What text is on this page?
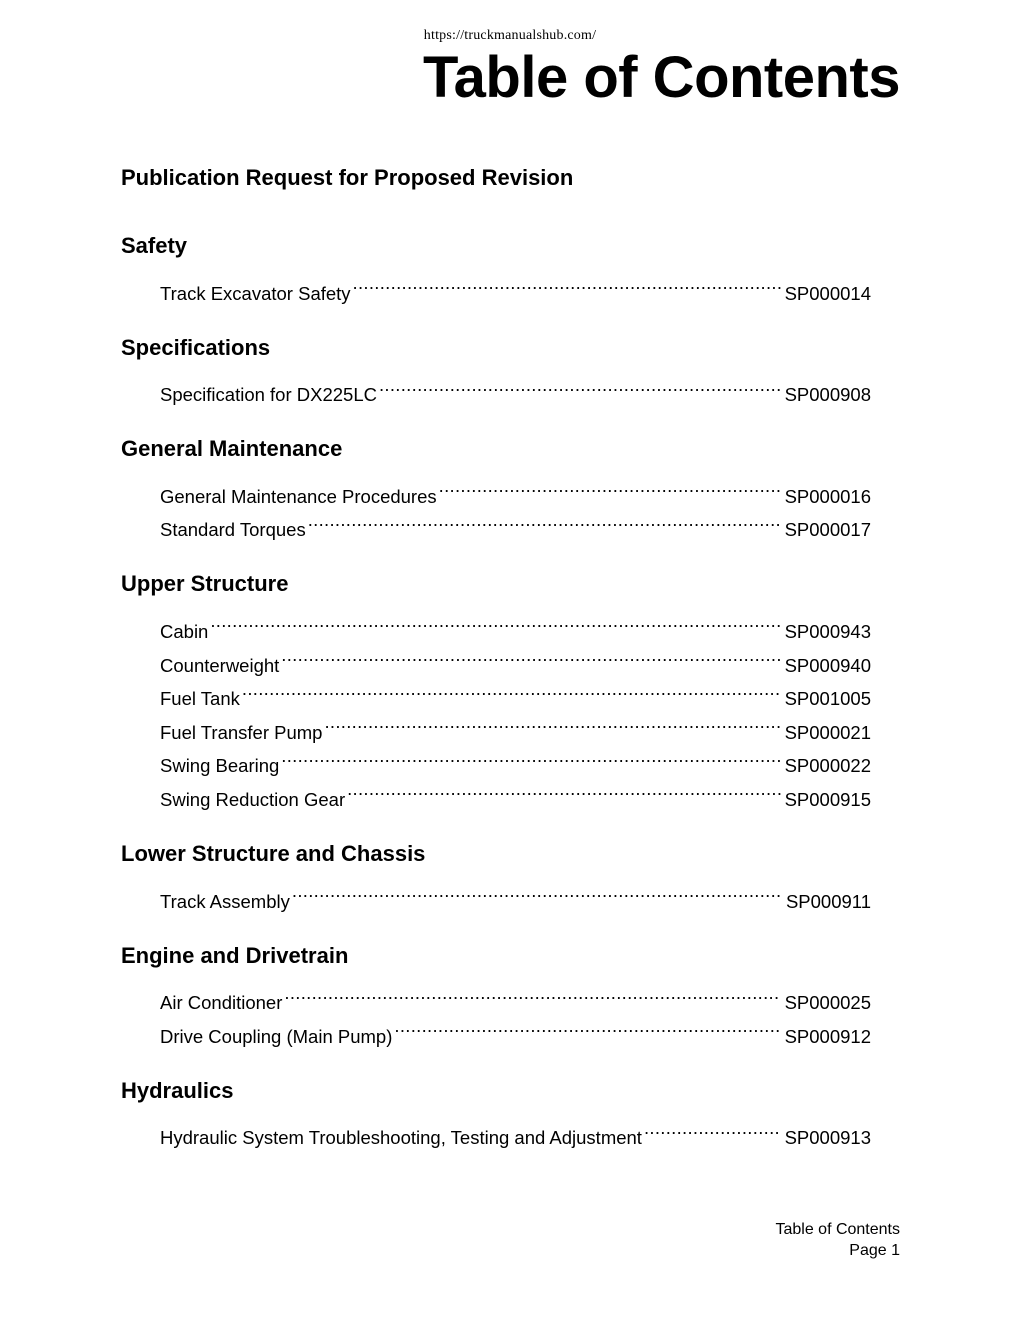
https://truckmanualshub.com/
Table of Contents
Publication Request for Proposed Revision
Safety
Track Excavator Safety .....	SP000014
Specifications
Specification for DX225LC .....	SP000908
General Maintenance
General Maintenance Procedures .....	SP000016
Standard Torques .....	SP000017
Upper Structure
Cabin .....	SP000943
Counterweight .....	SP000940
Fuel Tank .....	SP001005
Fuel Transfer Pump .....	SP000021
Swing Bearing .....	SP000022
Swing Reduction Gear .....	SP000915
Lower Structure and Chassis
Track Assembly .....	SP000911
Engine and Drivetrain
Air Conditioner .....	SP000025
Drive Coupling (Main Pump) .....	SP000912
Hydraulics
Hydraulic System Troubleshooting, Testing and Adjustment .....	SP000913
Table of Contents
Page 1
